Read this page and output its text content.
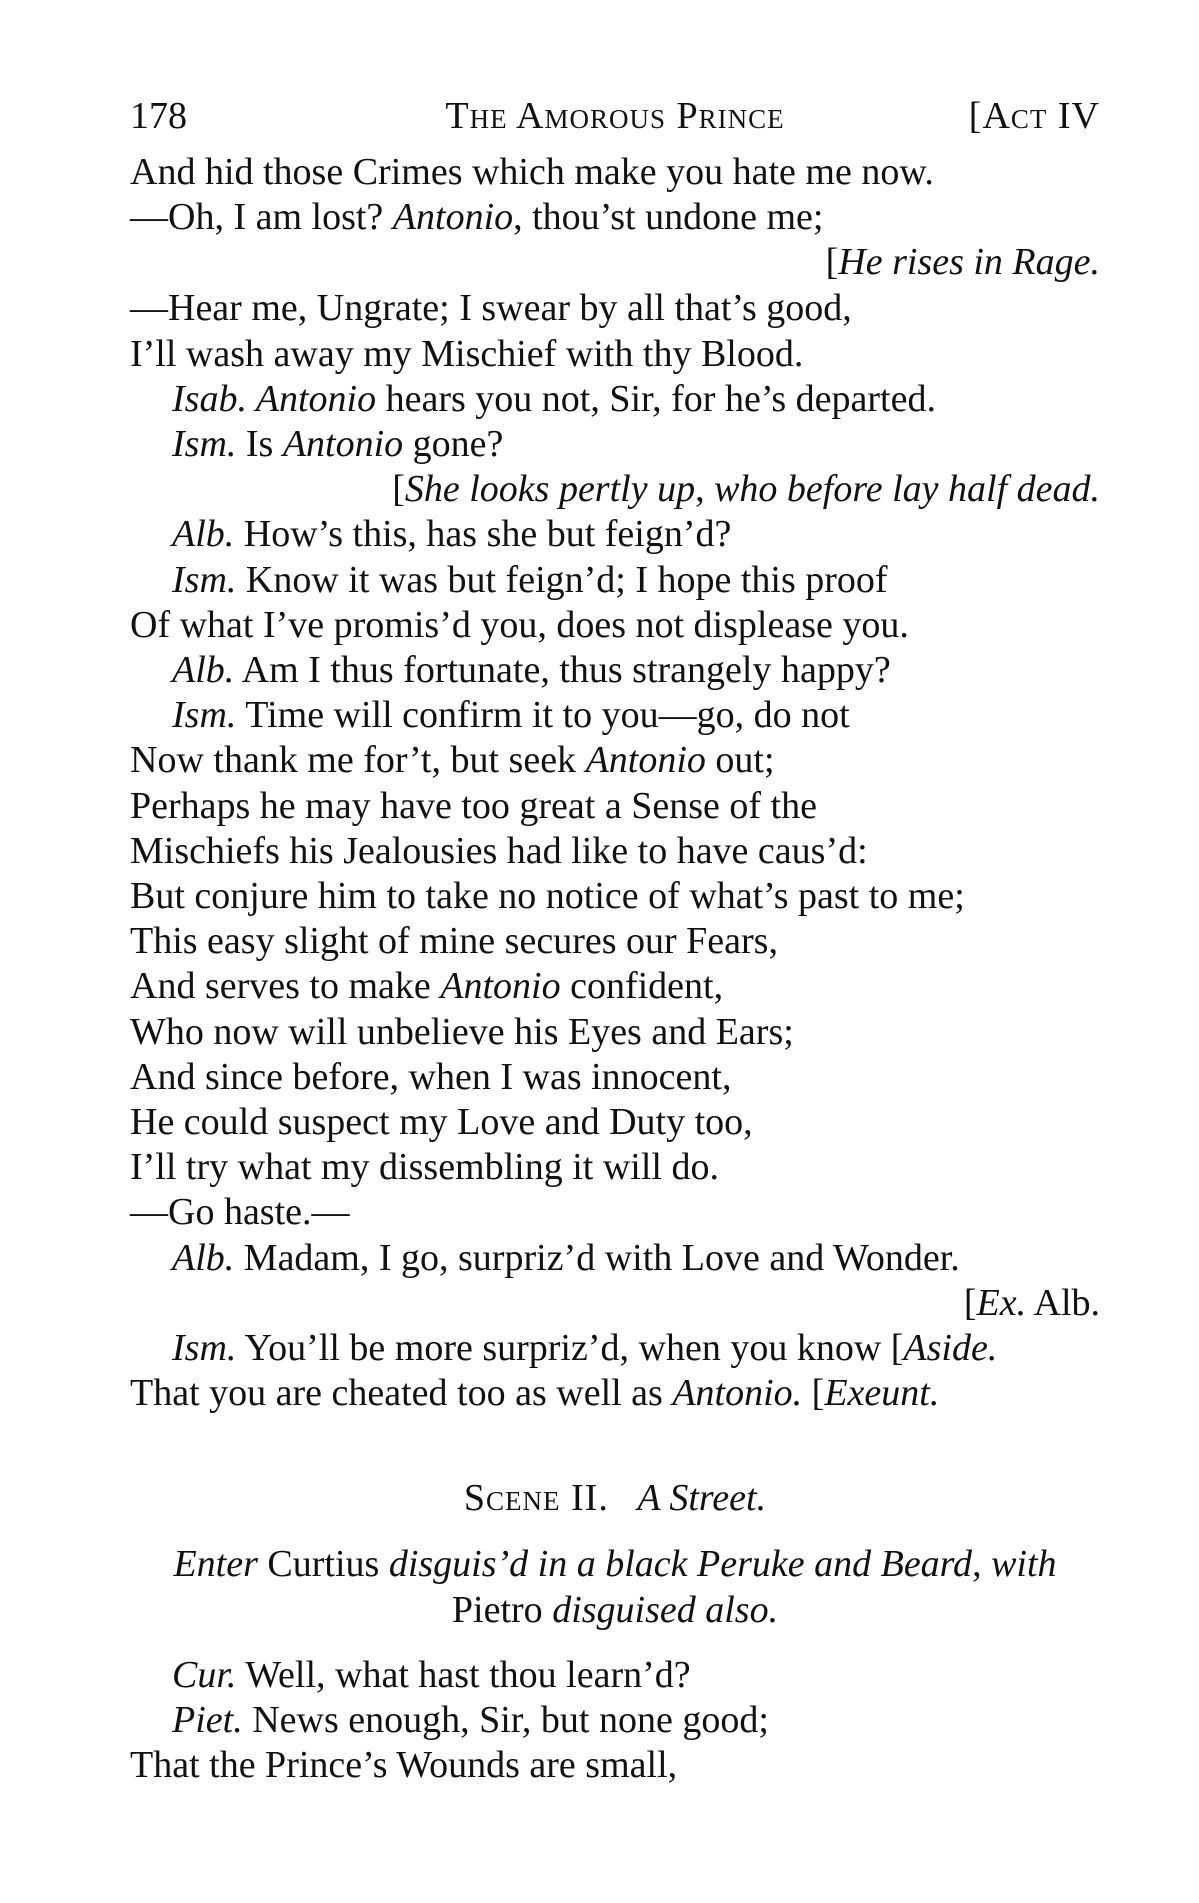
178	The Amorous Prince	[Act IV
And hid those Crimes which make you hate me now.
—Oh, I am lost? Antonio, thou’st undone me;
[He rises in Rage.
—Hear me, Ungrate; I swear by all that’s good,
I’ll wash away my Mischief with thy Blood.
Isab. Antonio hears you not, Sir, for he’s departed.
Ism. Is Antonio gone?
[She looks pertly up, who before lay half dead.
Alb. How’s this, has she but feign’d?
Ism. Know it was but feign’d; I hope this proof
Of what I’ve promis’d you, does not displease you.
Alb. Am I thus fortunate, thus strangely happy?
Ism. Time will confirm it to you—go, do not
Now thank me for’t, but seek Antonio out;
Perhaps he may have too great a Sense of the
Mischiefs his Jealousies had like to have caus’d:
But conjure him to take no notice of what’s past to me;
This easy slight of mine secures our Fears,
And serves to make Antonio confident,
Who now will unbelieve his Eyes and Ears;
And since before, when I was innocent,
He could suspect my Love and Duty too,
I’ll try what my dissembling it will do.
—Go haste.—
Alb. Madam, I go, surpriz’d with Love and Wonder.
[Ex. Alb.
Ism. You’ll be more surpriz’d, when you know [Aside.
That you are cheated too as well as Antonio. [Exeunt.
Scene II. A Street.
Enter Curtius disguis’d in a black Peruke and Beard, with
Pietro disguised also.
Cur. Well, what hast thou learn’d?
Piet. News enough, Sir, but none good;
That the Prince’s Wounds are small,
